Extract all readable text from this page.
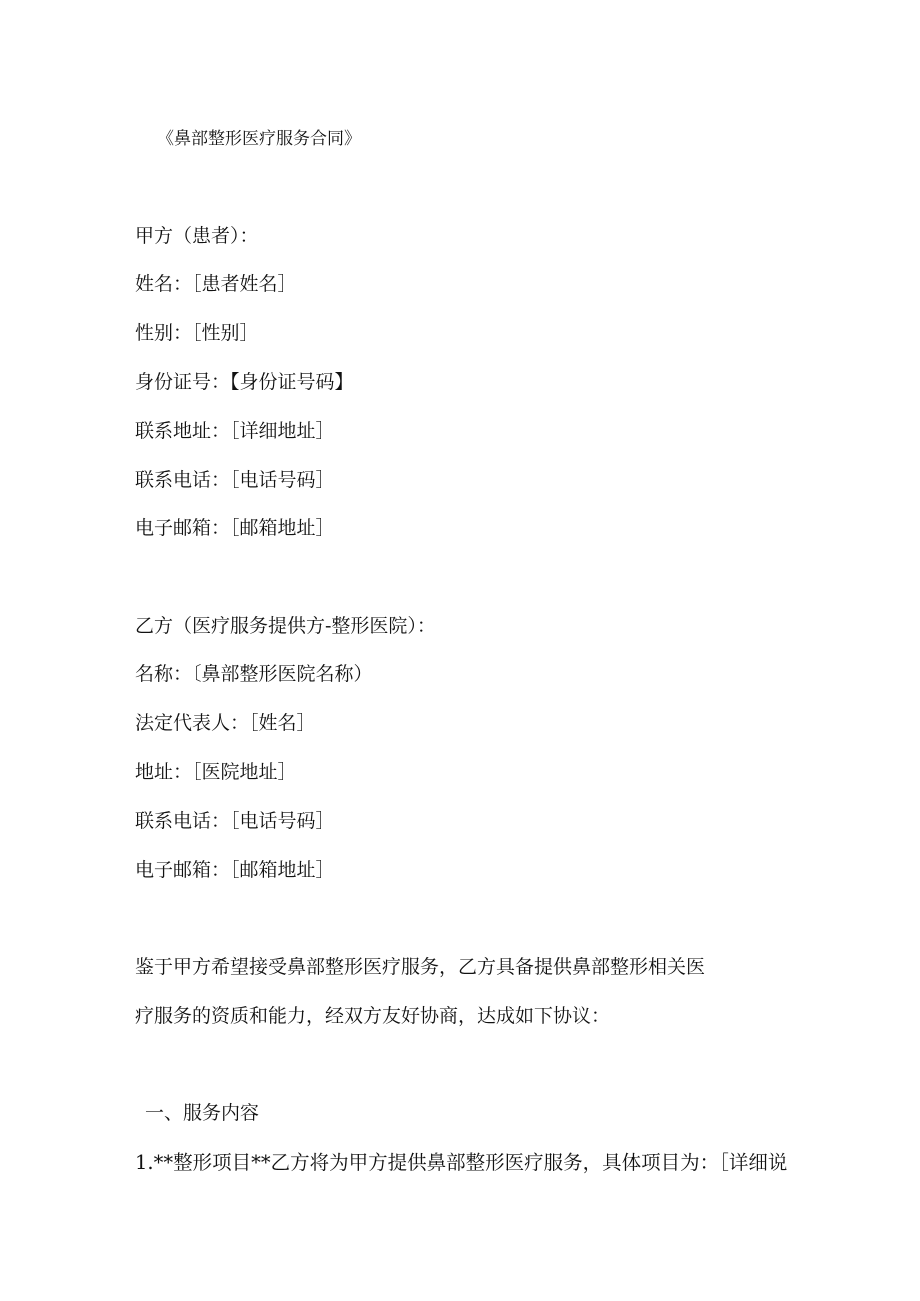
《鼻部整形医疗服务合同》
甲方（患者）：
姓名：［患者姓名］
性别：［性别］
身份证号：【身份证号码】
联系地址：［详细地址］
联系电话：［电话号码］
电子邮箱：［邮箱地址］
乙方（医疗服务提供方-整形医院）：
名称：〔鼻部整形医院名称）
法定代表人：［姓名］
地址：［医院地址］
联系电话：［电话号码］
电子邮箱：［邮箱地址］
鉴于甲方希望接受鼻部整形医疗服务，乙方具备提供鼻部整形相关医
疗服务的资质和能力，经双方友好协商，达成如下协议：
一、服务内容
1.**整形项目**乙方将为甲方提供鼻部整形医疗服务，具体项目为：［详细说
